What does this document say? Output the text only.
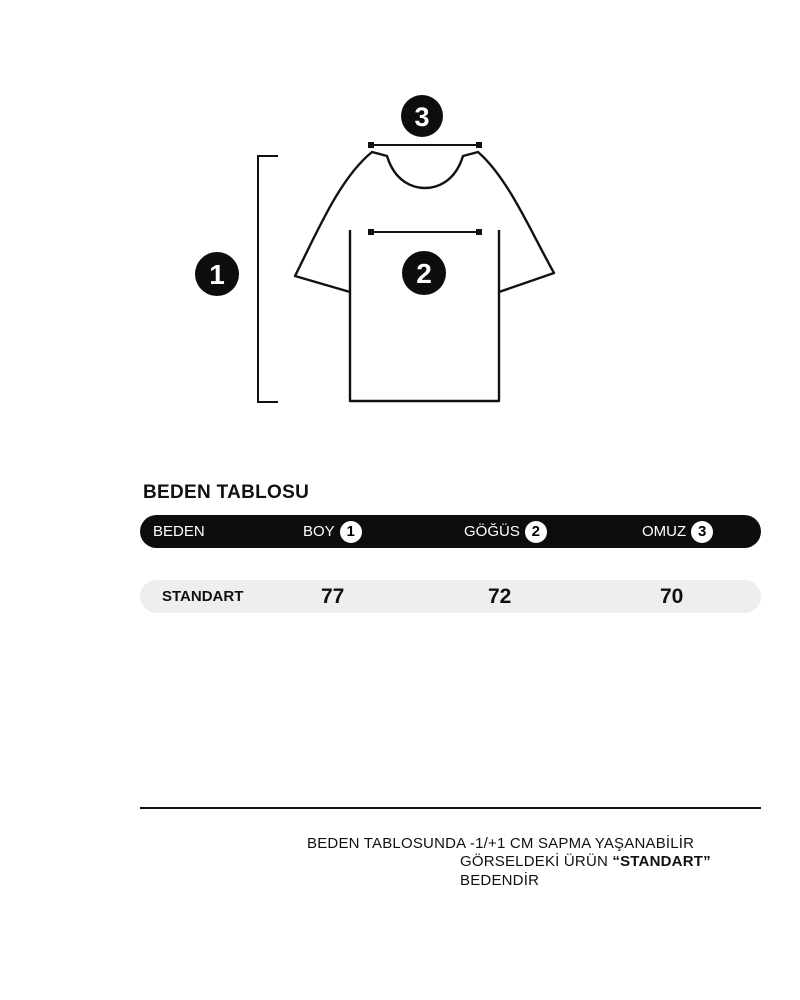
1	2
3
BEDEN TABLOSU
BEDEN	BOY 1	GÖĞÜS 2	OMUZ 3
STANDART	77	72	70
BEDEN TABLOSUNDA -1/+1 CM SAPMA YAŞANABİLİR
GÖRSELDEKİ ÜRÜN “STANDART”
BEDENDİR
